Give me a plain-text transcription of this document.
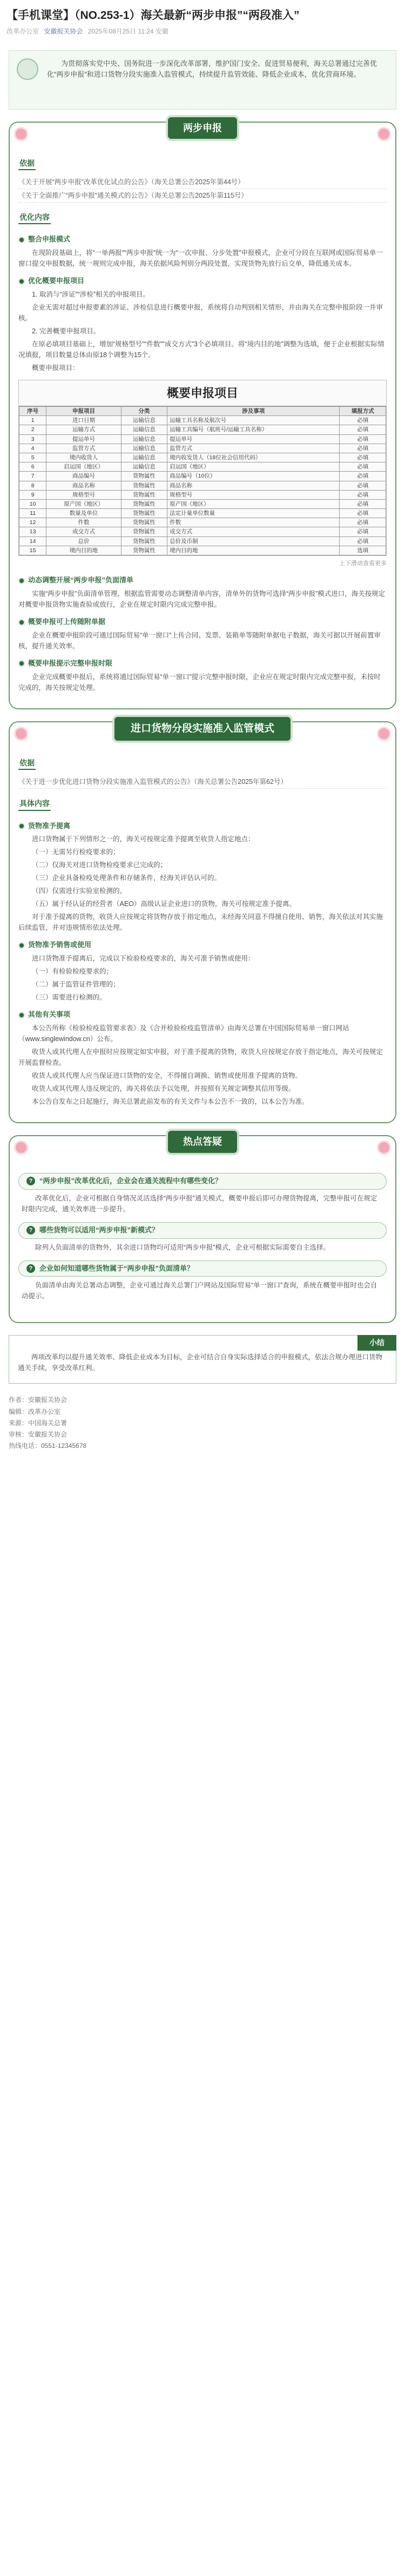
【手机课堂】（NO.253-1）海关最新“两步申报”“两段准入”
改革办公室 安徽报关协会 2025年08月25日 11:24 安徽

为贯彻落实党中央、国务院进一步深化改革部署，维护国门安全、促进贸易便利，海关总署通过完善优化“两步申报”和进口货物分段实施准入监管模式，持续提升监管效能、降低企业成本，优化营商环境。

两步申报
依据
《关于开展“两步申报”改革优化试点的公告》（海关总署公告2025年第44号）
《关于全面推广“两步申报”通关模式的公告》（海关总署公告2025年第115号）
优化内容
整合申报模式

在现阶段基础上，将“一单两报”“两步申报”统一为“一次申报、分步处置”申报模式，企业可分段在互联网或国际贸易单一窗口提交申报数据，统一规则完成申报，海关依据风险判别分两段处置，实现货物先放行后交单，降低通关成本。

优化概要申报项目

1. 取消与“涉证”“涉检”相关的申报项目。

企业无需对超过申报要素的涉证、涉检信息进行概要申报，系统将自动判别相关情形，并由海关在完整申报阶段一并审核。

2. 完善概要申报项目。

在原必填项目基础上，增加“规格型号”“件数”“成交方式”3个必填项目。将“境内目的地”调整为选填，便于企业根据实际情况填报，项目数量总体由原18个调整为15个。

概要申报项目：

概要申报项目
序号	申报项目	分类	涉及事项	填报方式
1	进口日期	运输信息	运输工具名称及航次号	必填
2	运输方式	运输信息	运输工具编号（航班号/运输工具名称）	必填
3	提运单号	运输信息	提运单号	必填
4	监管方式	运输信息	监管方式	必填
5	境内收货人	运输信息	境内收发货人（18位社会信用代码）	必填
6	启运国（地区）	运输信息	启运国（地区）	必填
7	商品编号	货物属性	商品编号（10位）	必填
8	商品名称	货物属性	商品名称	必填
9	规格型号	货物属性	规格型号	必填
10	原产国（地区）	货物属性	原产国（地区）	必填
11	数量及单位	货物属性	法定计量单位数量	必填
12	件数	货物属性	件数	必填
13	成交方式	货物属性	成交方式	必填
14	总价	货物属性	总价及币制	必填
15	境内目的地	货物属性	境内目的地	选填
上下滑动查看更多
动态调整开展“两步申报”负面清单

实施“两步申报”负面清单管理，根据监管需要动态调整清单内容，清单外的货物可选择“两步申报”模式进口，海关按规定对概要申报货物实施查验或放行，企业在规定时限内完成完整申报。

概要申报可上传随附单据

企业在概要申报阶段可通过国际贸易“单一窗口”上传合同、发票、装箱单等随附单据电子数据，海关可据以开展前置审核，提升通关效率。

概要申报提示完整申报时限

企业完成概要申报后，系统将通过国际贸易“单一窗口”提示完整申报时限，企业应在规定时限内完成完整申报，未按时完成的，海关按规定处理。

进口货物分段实施准入监管模式
依据
《关于进一步优化进口货物分段实施准入监管模式的公告》（海关总署公告2025年第62号）
具体内容
货物准予提离

进口货物属于下列情形之一的，海关可按规定准予提离至收货人指定地点：

（一）无需另行检疫要求的；

（二）仅海关对进口货物检疫要求已完成的；

（三）企业具备检疫处理条件和存储条件，经海关评估认可的。

（四）仅需进行实验室检测的。

（五）属于经认证的经营者（AEO）高级认证企业进口的货物，海关可按规定准予提离。

对于准予提离的货物，收货人应按规定将货物存放于指定地点，未经海关同意不得擅自使用、销售，海关依法对其实施后续监管，并对违规情形依法处理。

货物准予销售或使用

进口货物准予提离后，完成以下检验检疫要求的，海关可准予销售或使用：

（一）有检验检疫要求的；

（二）属于监管证件管理的；

（三）需要进行检测的。

其他有关事项

本公告所称《检验检疫监管要求表》及《合并检验检疫监管清单》由海关总署在中国国际贸易单一窗口网站（www.singlewindow.cn）公布。

收货人或其代理人在申报时应按规定如实申报，对于准予提离的货物，收货人应按规定存放于指定地点，海关可按规定开展监督检查。

收货人或其代理人应当保证进口货物的安全，不得擅自调换、销售或使用准予提离的货物。

收货人或其代理人违反规定的，海关将依法予以处理，并按照有关规定调整其信用等级。

本公告自发布之日起施行，海关总署此前发布的有关文件与本公告不一致的，以本公告为准。

热点答疑
? “两步申报”改革优化后，企业会在通关流程中有哪些变化？

改革优化后，企业可根据自身情况灵活选择“两步申报”通关模式，概要申报后即可办理货物提离，完整申报可在规定时限内完成，通关效率进一步提升。

? 哪些货物可以适用“两步申报”新模式？

除列入负面清单的货物外，其余进口货物均可适用“两步申报”模式，企业可根据实际需要自主选择。

? 企业如何知道哪些货物属于“两步申报”负面清单？

负面清单由海关总署动态调整，企业可通过海关总署门户网站及国际贸易“单一窗口”查询，系统在概要申报时也会自动提示。

小结

两项改革均以提升通关效率、降低企业成本为目标，企业可结合自身实际选择适合的申报模式，依法合规办理进口货物通关手续，享受改革红利。

作者：安徽报关协会
编辑：改革办公室
来源：中国海关总署
审核：安徽报关协会
热线电话：0551-12345678
